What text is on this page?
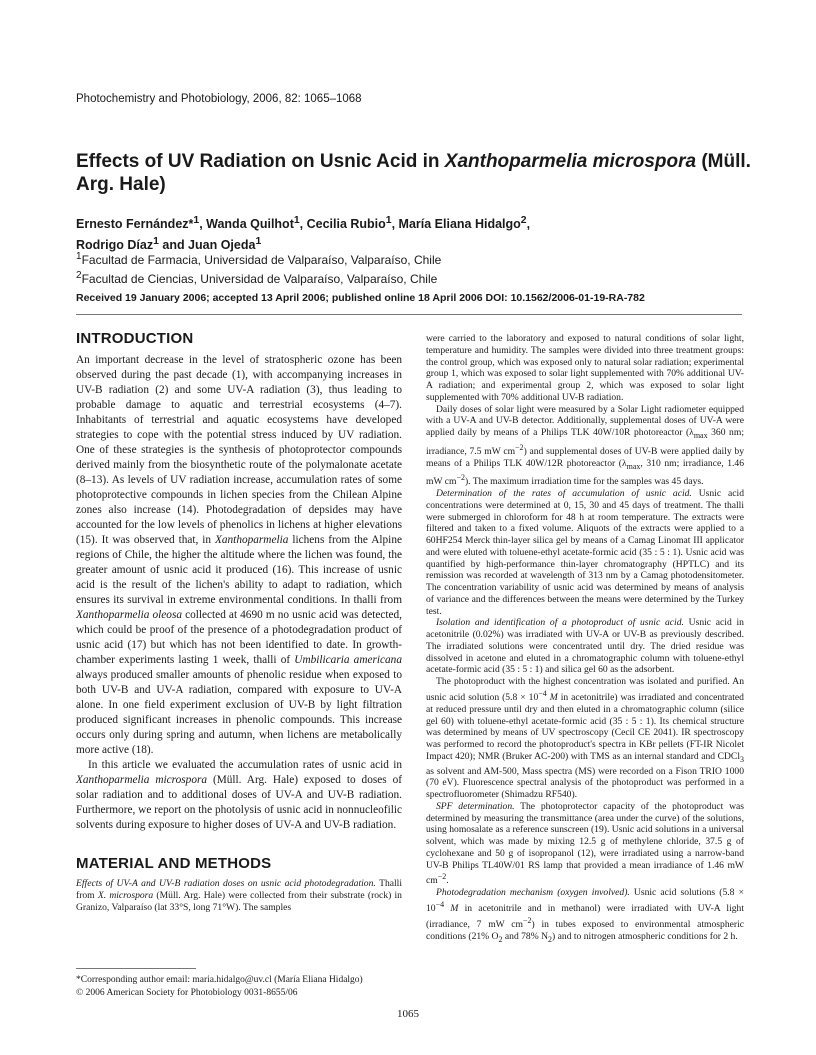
Photochemistry and Photobiology, 2006, 82: 1065–1068
Effects of UV Radiation on Usnic Acid in Xanthoparmelia microspora (Müll. Arg. Hale)
Ernesto Fernández*$^1$, Wanda Quilhot$^1$, Cecilia Rubio$^1$, María Eliana Hidalgo$^2$,
Rodrigo Díaz$^1$ and Juan Ojeda$^1$
$^1$Facultad de Farmacia, Universidad de Valparaíso, Valparaíso, Chile
$^2$Facultad de Ciencias, Universidad de Valparaíso, Valparaíso, Chile
Received 19 January 2006; accepted 13 April 2006; published online 18 April 2006 DOI: 10.1562/2006-01-19-RA-782
INTRODUCTION

An important decrease in the level of stratospheric ozone has been observed during the past decade (1), with accompanying increases in UV-B radiation (2) and some UV-A radiation (3), thus leading to probable damage to aquatic and terrestrial ecosystems (4–7). Inhabitants of terrestrial and aquatic ecosystems have developed strategies to cope with the potential stress induced by UV radiation. One of these strategies is the synthesis of photoprotector compounds derived mainly from the biosynthetic route of the polymalonate acetate (8–13). As levels of UV radiation increase, accumulation rates of some photoprotective compounds in lichen species from the Chilean Alpine zones also increase (14). Photodegradation of depsides may have accounted for the low levels of phenolics in lichens at higher elevations (15). It was observed that, in Xanthoparmelia lichens from the Alpine regions of Chile, the higher the altitude where the lichen was found, the greater amount of usnic acid it produced (16). This increase of usnic acid is the result of the lichen's ability to adapt to radiation, which ensures its survival in extreme environmental conditions. In thalli from Xanthoparmelia oleosa collected at 4690 m no usnic acid was detected, which could be proof of the presence of a photodegradation product of usnic acid (17) but which has not been identified to date. In growth-chamber experiments lasting 1 week, thalli of Umbilicaria americana always produced smaller amounts of phenolic residue when exposed to both UV-B and UV-A radiation, compared with exposure to UV-A alone. In one field experiment exclusion of UV-B by light filtration produced significant increases in phenolic compounds. This increase occurs only during spring and autumn, when lichens are metabolically more active (18).

In this article we evaluated the accumulation rates of usnic acid in Xanthoparmelia microspora (Müll. Arg. Hale) exposed to doses of solar radiation and to additional doses of UV-A and UV-B radiation. Furthermore, we report on the photolysis of usnic acid in nonnucleofilic solvents during exposure to higher doses of UV-A and UV-B radiation.

MATERIAL AND METHODS

Effects of UV-A and UV-B radiation doses on usnic acid photodegradation. Thalli from X. microspora (Müll. Arg. Hale) were collected from their substrate (rock) in Granizo, Valparaíso (lat 33°S, long 71°W). The samples

were carried to the laboratory and exposed to natural conditions of solar light, temperature and humidity. The samples were divided into three treatment groups: the control group, which was exposed only to natural solar radiation; experimental group 1, which was exposed to solar light supplemented with 70% additional UV-A radiation; and experimental group 2, which was exposed to solar light supplemented with 70% additional UV-B radiation.

Daily doses of solar light were measured by a Solar Light radiometer equipped with a UV-A and UV-B detector. Additionally, supplemental doses of UV-A were applied daily by means of a Philips TLK 40W/10R photoreactor ($\lambda_{max}$ 360 nm; irradiance, 7.5 mW $cm^{-2}$) and supplemental doses of UV-B were applied daily by means of a Philips TLK 40W/12R photoreactor ($\lambda_{max}$, 310 nm; irradiance, 1.46 mW $cm^{-2}$). The maximum irradiation time for the samples was 45 days.

Determination of the rates of accumulation of usnic acid. Usnic acid concentrations were determined at 0, 15, 30 and 45 days of treatment. The thalli were submerged in chloroform for 48 h at room temperature. The extracts were filtered and taken to a fixed volume. Aliquots of the extracts were applied to a 60HF254 Merck thin-layer silica gel by means of a Camag Linomat III applicator and were eluted with toluene-ethyl acetate-formic acid (35 : 5 : 1). Usnic acid was quantified by high-performance thin-layer chromatography (HPTLC) and its remission was recorded at wavelength of 313 nm by a Camag photodensitometer. The concentration variability of usnic acid was determined by means of analysis of variance and the differences between the means were determined by the Turkey test.

Isolation and identification of a photoproduct of usnic acid. Usnic acid in acetonitrile (0.02%) was irradiated with UV-A or UV-B as previously described. The irradiated solutions were concentrated until dry. The dried residue was dissolved in acetone and eluted in a chromatographic column with toluene-ethyl acetate-formic acid (35 : 5 : 1) and silica gel 60 as the adsorbent.

The photoproduct with the highest concentration was isolated and purified. An usnic acid solution ($5.8 \times 10^{-4}$ M in acetonitrile) was irradiated and concentrated at reduced pressure until dry and then eluted in a chromatographic column (silice gel 60) with toluene-ethyl acetate-formic acid (35 : 5 : 1). Its chemical structure was determined by means of UV spectroscopy (Cecil CE 2041). IR spectroscopy was performed to record the photoproduct's spectra in KBr pellets (FT-IR Nicolet Impact 420); NMR (Bruker AC-200) with TMS as an internal standard and CDCl$_3$ as solvent and AM-500, Mass spectra (MS) were recorded on a Fison TRIO 1000 (70 eV). Fluorescence spectral analysis of the photoproduct was performed in a spectrofluorometer (Shimadzu RF540).

SPF determination. The photoprotector capacity of the photoproduct was determined by measuring the transmittance (area under the curve) of the solutions, using homosalate as a reference sunscreen (19). Usnic acid solutions in a universal solvent, which was made by mixing 12.5 g of methylene chloride, 37.5 g of cyclohexane and 50 g of isopropanol (12), were irradiated using a narrow-band UV-B Philips TL40W/01 RS lamp that provided a mean irradiance of 1.46 mW $cm^{-2}$.

Photodegradation mechanism (oxygen involved). Usnic acid solutions ($5.8 \times 10^{-4}$ M in acetonitrile and in methanol) were irradiated with UV-A light (irradiance, 7 mW $cm^{-2}$) in tubes exposed to environmental atmospheric conditions (21% $O_2$ and 78% $N_2$) and to nitrogen atmospheric conditions for 2 h.

*Corresponding author email: maria.hidalgo@uv.cl (María Eliana Hidalgo)
© 2006 American Society for Photobiology 0031-8655/06
1065
